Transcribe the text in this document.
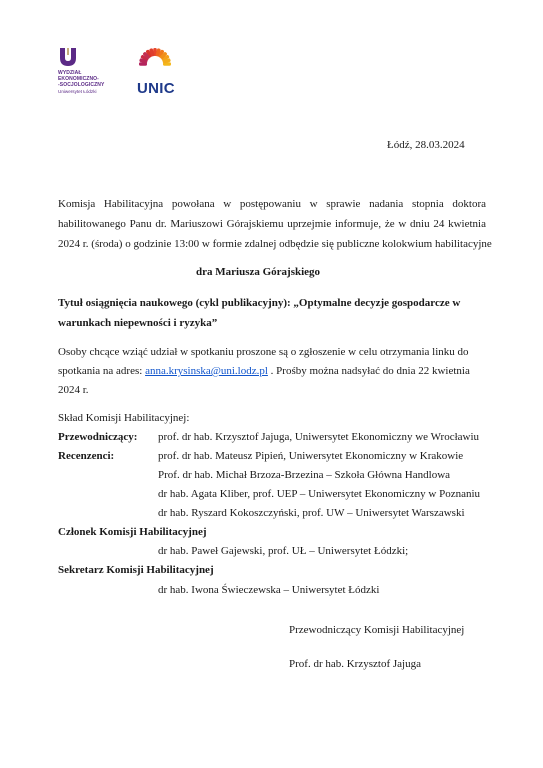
WYDZIAŁ
EKONOMICZNO-
-SOCJOLOGICZNY
Uniwersytet Łódzki	UNIC
Łódź, 28.03.2024
Komisja Habilitacyjna powołana w postępowaniu w sprawie nadania stopnia doktora
habilitowanego Panu dr. Mariuszowi Górajskiemu uprzejmie informuje, że w dniu 24 kwietnia
2024 r. (środa) o godzinie 13:00 w formie zdalnej odbędzie się publiczne kolokwium habilitacyjne
dra Mariusza Górajskiego
Tytuł osiągnięcia naukowego (cykl publikacyjny): „Optymalne decyzje gospodarcze w
warunkach niepewności i ryzyka”
Osoby chcące wziąć udział w spotkaniu proszone są o zgłoszenie w celu otrzymania linku do
spotkania na adres: anna.krysinska@uni.lodz.pl . Prośby można nadsyłać do dnia 22 kwietnia
2024 r.
Skład Komisji Habilitacyjnej:
Przewodniczący: prof. dr hab. Krzysztof Jajuga, Uniwersytet Ekonomiczny we Wrocławiu
Recenzenci:	prof. dr hab. Mateusz Pipień, Uniwersytet Ekonomiczny w Krakowie
Prof. dr hab. Michał Brzoza-Brzezina – Szkoła Główna Handlowa
dr hab. Agata Kliber, prof. UEP – Uniwersytet Ekonomiczny w Poznaniu
dr hab. Ryszard Kokoszczyński, prof. UW – Uniwersytet Warszawski
Członek Komisji Habilitacyjnej
dr hab. Paweł Gajewski, prof. UŁ – Uniwersytet Łódzki;
Sekretarz Komisji Habilitacyjnej
dr hab. Iwona Świeczewska – Uniwersytet Łódzki
Przewodniczący Komisji Habilitacyjnej
Prof. dr hab. Krzysztof Jajuga
